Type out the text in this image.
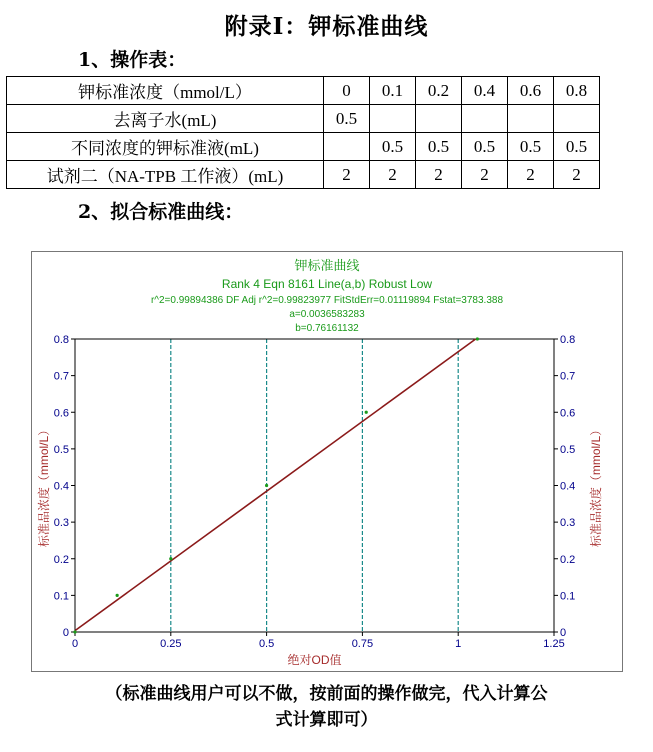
附录Ⅰ：钾标准曲线
1、操作表：
钾标准浓度（mmol/L）	0	0.1	0.2	0.4	0.6	0.8
去离子水(mL)	0.5					
不同浓度的钾标准液(mL)		0.5	0.5	0.5	0.5	0.5
试剂二（NA-TPB 工作液）(mL)	2	2	2	2	2	2
2、拟合标准曲线：
钾标准曲线
Rank 4 Eqn 8161 Line(a,b) Robust Low
r^2=0.99894386 DF Adj r^2=0.99823977 FitStdErr=0.01119894 Fstat=3783.388
a=0.0036583283
b=0.76161132
0	0.25	0.5	0.75	1	1.25
0	0
0.1	0.1
0.2	0.2
0.3	0.3
0.4	0.4
0.5	0.5
0.6	0.6
0.7	0.7
0.8	0.8
绝对OD值
标准品浓度（mmol/L）	标准品浓度（mmol/L）
（标准曲线用户可以不做，按前面的操作做完，代入计算公
式计算即可）
